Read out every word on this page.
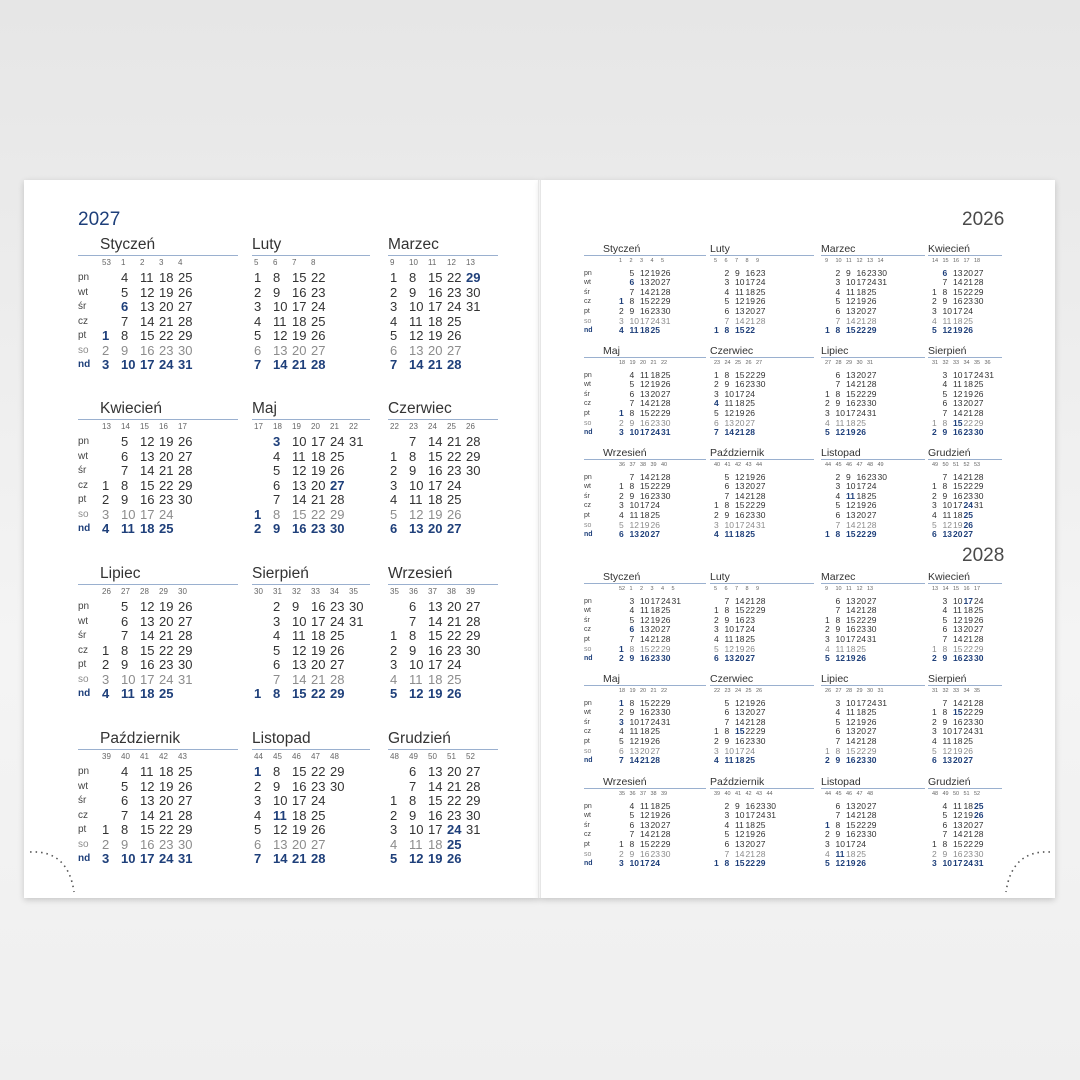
2027	2026
2028
Styczeń
53 1 2 3 4
pn
wt
śr
cz
pt
so
nd
1
2
3
4
5
6
7
8
9
10
11
12
13
14
15
16
17
18
19
20
21
22
23
24
25
26
27
28
29
30
31
Luty
5 6 7 8
1
2
3
4
5
6
7
8
9
10
11
12
13
14
15
16
17
18
19
20
21
22
23
24
25
26
27
28
Marzec
9 10 11 12 13
1
2
3
4
5
6
7
8
9
10
11
12
13
14
15
16
17
18
19
20
21
22
23
24
25
26
27
28
29
30
31
Kwiecień
13 14 15 16 17
pn
wt
śr
cz
pt
so
nd
1
2
3
4
5
6
7
8
9
10
11
12
13
14
15
16
17
18
19
20
21
22
23
24
25
26
27
28
29
30
Maj
17 18 19 20 21 22
1
2
3
4
5
6
7
8
9
10
11
12
13
14
15
16
17
18
19
20
21
22
23
24
25
26
27
28
29
30
31
Czerwiec
22 23 24 25 26
1
2
3
4
5
6
7
8
9
10
11
12
13
14
15
16
17
18
19
20
21
22
23
24
25
26
27
28
29
30
Lipiec
26 27 28 29 30
pn
wt
śr
cz
pt
so
nd
1
2
3
4
5
6
7
8
9
10
11
12
13
14
15
16
17
18
19
20
21
22
23
24
25
26
27
28
29
30
31
Sierpień
30 31 32 33 34 35
1
2
3
4
5
6
7
8
9
10
11
12
13
14
15
16
17
18
19
20
21
22
23
24
25
26
27
28
29
30
31
Wrzesień
35 36 37 38 39
1
2
3
4
5
6
7
8
9
10
11
12
13
14
15
16
17
18
19
20
21
22
23
24
25
26
27
28
29
30
Październik
39 40 41 42 43
pn
wt
śr
cz
pt
so
nd
1
2
3
4
5
6
7
8
9
10
11
12
13
14
15
16
17
18
19
20
21
22
23
24
25
26
27
28
29
30
31
Listopad
44 45 46 47 48
1
2
3
4
5
6
7
8
9
10
11
12
13
14
15
16
17
18
19
20
21
22
23
24
25
26
27
28
29
30
Grudzień
48 49 50 51 52
1
2
3
4
5
6
7
8
9
10
11
12
13
14
15
16
17
18
19
20
21
22
23
24
25
26
27
28
29
30
31
Styczeń
1 2 3 4 5
pn
wt
śr
cz
pt
so
nd
1
2
3
4
5
6
7
8
9
10
11
12
13
14
15
16
17
18
19
20
21
22
23
24
25
26
27
28
29
30
31
Luty
5 6 7 8 9
1
2
3
4
5
6
7
8
9
10
11
12
13
14
15
16
17
18
19
20
21
22
23
24
25
26
27
28
Marzec
9 10 11 12 13 14
1
2
3
4
5
6
7
8
9
10
11
12
13
14
15
16
17
18
19
20
21
22
23
24
25
26
27
28
29
30
31
Kwiecień
14 15 16 17 18
1
2
3
4
5
6
7
8
9
10
11
12
13
14
15
16
17
18
19
20
21
22
23
24
25
26
27
28
29
30
Maj
18 19 20 21 22
pn
wt
śr
cz
pt
so
nd
1
2
3
4
5
6
7
8
9
10
11
12
13
14
15
16
17
18
19
20
21
22
23
24
25
26
27
28
29
30
31
Czerwiec
23 24 25 26 27
1
2
3
4
5
6
7
8
9
10
11
12
13
14
15
16
17
18
19
20
21
22
23
24
25
26
27
28
29
30
Lipiec
27 28 29 30 31
1
2
3
4
5
6
7
8
9
10
11
12
13
14
15
16
17
18
19
20
21
22
23
24
25
26
27
28
29
30
31
Sierpień
31 32 33 34 35 36
1
2
3
4
5
6
7
8
9
10
11
12
13
14
15
16
17
18
19
20
21
22
23
24
25
26
27
28
29
30
31
Wrzesień
36 37 38 39 40
pn
wt
śr
cz
pt
so
nd
1
2
3
4
5
6
7
8
9
10
11
12
13
14
15
16
17
18
19
20
21
22
23
24
25
26
27
28
29
30
Październik
40 41 42 43 44
1
2
3
4
5
6
7
8
9
10
11
12
13
14
15
16
17
18
19
20
21
22
23
24
25
26
27
28
29
30
31
Listopad
44 45 46 47 48 49
1
2
3
4
5
6
7
8
9
10
11
12
13
14
15
16
17
18
19
20
21
22
23
24
25
26
27
28
29
30
Grudzień
49 50 51 52 53
1
2
3
4
5
6
7
8
9
10
11
12
13
14
15
16
17
18
19
20
21
22
23
24
25
26
27
28
29
30
31
Styczeń
52 1 2 3 4 5
pn
wt
śr
cz
pt
so
nd
1
2
3
4
5
6
7
8
9
10
11
12
13
14
15
16
17
18
19
20
21
22
23
24
25
26
27
28
29
30
31
Luty
5 6 7 8 9
1
2
3
4
5
6
7
8
9
10
11
12
13
14
15
16
17
18
19
20
21
22
23
24
25
26
27
28
29
Marzec
9 10 11 12 13
1
2
3
4
5
6
7
8
9
10
11
12
13
14
15
16
17
18
19
20
21
22
23
24
25
26
27
28
29
30
31
Kwiecień
13 14 15 16 17
1
2
3
4
5
6
7
8
9
10
11
12
13
14
15
16
17
18
19
20
21
22
23
24
25
26
27
28
29
30
Maj
18 19 20 21 22
pn
wt
śr
cz
pt
so
nd
1
2
3
4
5
6
7
8
9
10
11
12
13
14
15
16
17
18
19
20
21
22
23
24
25
26
27
28
29
30
31
Czerwiec
22 23 24 25 26
1
2
3
4
5
6
7
8
9
10
11
12
13
14
15
16
17
18
19
20
21
22
23
24
25
26
27
28
29
30
Lipiec
26 27 28 29 30 31
1
2
3
4
5
6
7
8
9
10
11
12
13
14
15
16
17
18
19
20
21
22
23
24
25
26
27
28
29
30
31
Sierpień
31 32 33 34 35
1
2
3
4
5
6
7
8
9
10
11
12
13
14
15
16
17
18
19
20
21
22
23
24
25
26
27
28
29
30
31
Wrzesień
35 36 37 38 39
pn
wt
śr
cz
pt
so
nd
1
2
3
4
5
6
7
8
9
10
11
12
13
14
15
16
17
18
19
20
21
22
23
24
25
26
27
28
29
30
Październik
39 40 41 42 43 44
1
2
3
4
5
6
7
8
9
10
11
12
13
14
15
16
17
18
19
20
21
22
23
24
25
26
27
28
29
30
31
Listopad
44 45 46 47 48
1
2
3
4
5
6
7
8
9
10
11
12
13
14
15
16
17
18
19
20
21
22
23
24
25
26
27
28
29
30
Grudzień
48 49 50 51 52
1
2
3
4
5
6
7
8
9
10
11
12
13
14
15
16
17
18
19
20
21
22
23
24
25
26
27
28
29
30
31
